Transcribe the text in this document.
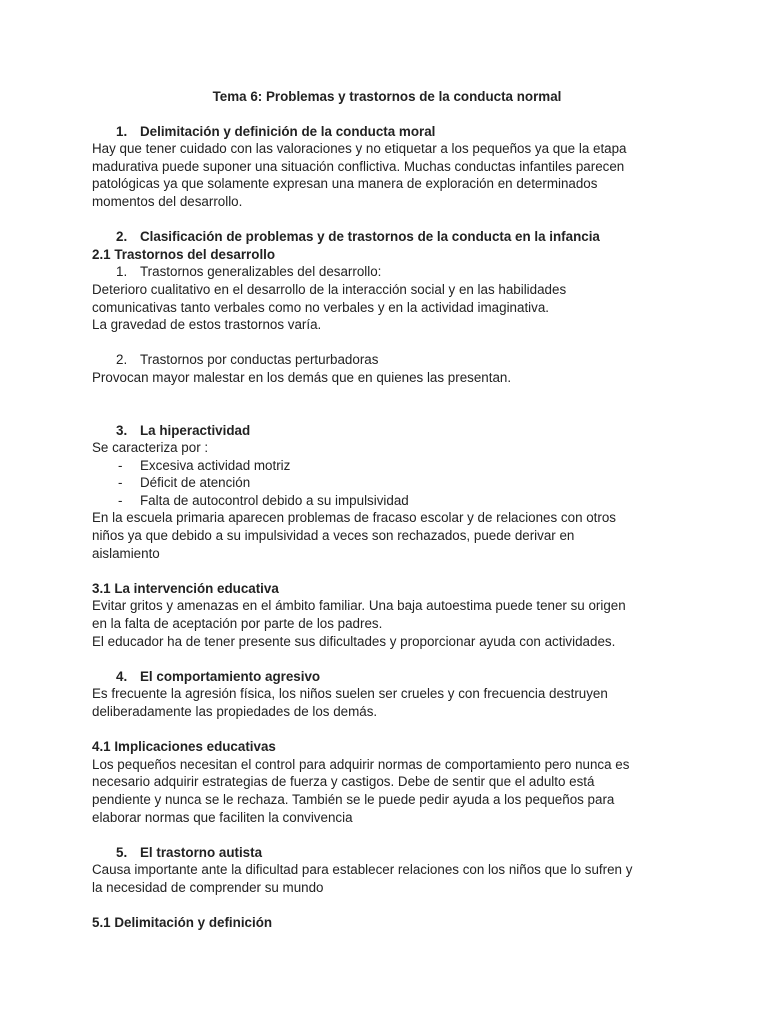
Tema 6: Problemas y trastornos de la conducta normal

1. Delimitación y definición de la conducta moral

Hay que tener cuidado con las valoraciones y no etiquetar a los pequeños ya que la etapa

madurativa puede suponer una situación conflictiva. Muchas conductas infantiles parecen

patológicas ya que solamente expresan una manera de exploración en determinados

momentos del desarrollo.

2. Clasificación de problemas y de trastornos de la conducta en la infancia

2.1 Trastornos del desarrollo

1. Trastornos generalizables del desarrollo:

Deterioro cualitativo en el desarrollo de la interacción social y en las habilidades

comunicativas tanto verbales como no verbales y en la actividad imaginativa.

La gravedad de estos trastornos varía.

2. Trastornos por conductas perturbadoras

Provocan mayor malestar en los demás que en quienes las presentan.

3. La hiperactividad

Se caracteriza por :

- Excesiva actividad motriz

- Déficit de atención

- Falta de autocontrol debido a su impulsividad

En la escuela primaria aparecen problemas de fracaso escolar y de relaciones con otros

niños ya que debido a su impulsividad a veces son rechazados, puede derivar en

aislamiento

3.1 La intervención educativa

Evitar gritos y amenazas en el ámbito familiar. Una baja autoestima puede tener su origen

en la falta de aceptación por parte de los padres.

El educador ha de tener presente sus dificultades y proporcionar ayuda con actividades.

4. El comportamiento agresivo

Es frecuente la agresión física, los niños suelen ser crueles y con frecuencia destruyen

deliberadamente las propiedades de los demás.

4.1 Implicaciones educativas

Los pequeños necesitan el control para adquirir normas de comportamiento pero nunca es

necesario adquirir estrategias de fuerza y castigos. Debe de sentir que el adulto está

pendiente y nunca se le rechaza. También se le puede pedir ayuda a los pequeños para

elaborar normas que faciliten la convivencia

5. El trastorno autista

Causa importante ante la dificultad para establecer relaciones con los niños que lo sufren y

la necesidad de comprender su mundo

5.1 Delimitación y definición
